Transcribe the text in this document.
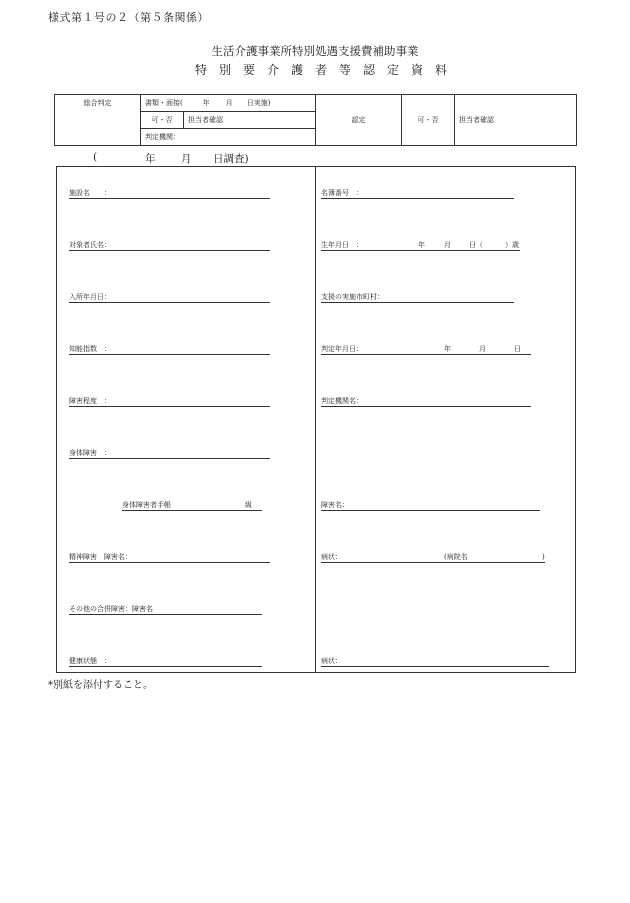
様式第１号の２（第５条関係）
生活介護事業所特別処遇支援費補助事業
特別要介護者等認定資料
総合判定	書類・面接( 年 月 日実施)		認定	可・否	担当者確認
	可・否	担当者確認			
	判定機関：				
(	年 月 日調査)
施設名　　：
対象者氏名：
入所年月日：
知能指数　：
障害程度　：
身体障害　：
身体障害者手帳	級
精神障害　障害名：
その他の合併障害：障害名
健康状態　：
名簿番号　：
生年月日　：	年	月	日（	）歳
支援の実施市町村：
判定年月日：	年	月	日
判定機関名：
障害名：
病状：	(病院名	)
病状：
*別紙を添付すること。
